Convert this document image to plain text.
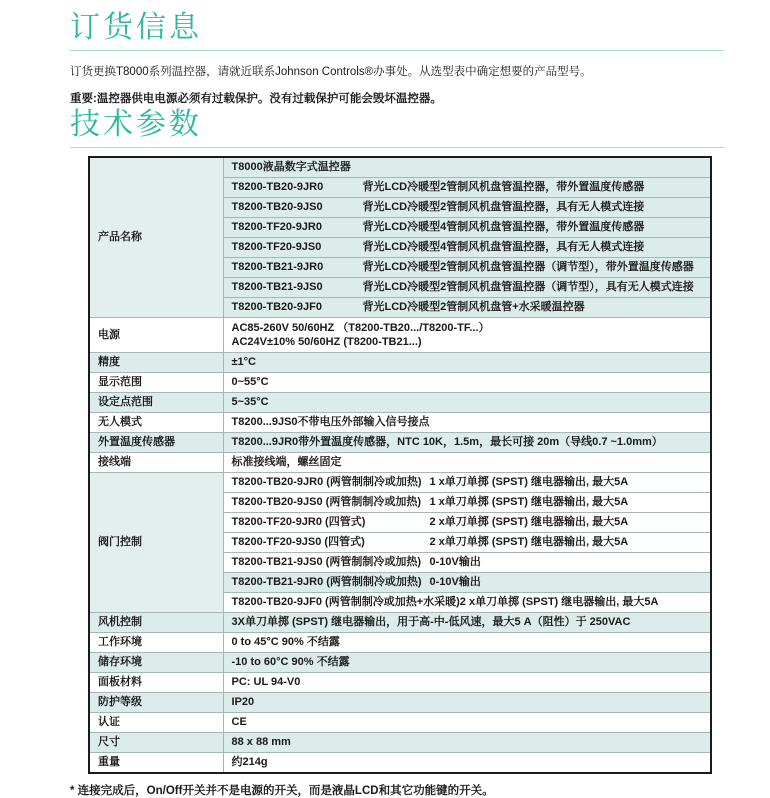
订货信息

订货更换T8000系列温控器，请就近联系Johnson Controls®办事处。从选型表中确定想要的产品型号。

重要:温控器供电电源必须有过载保护。没有过载保护可能会毁坏温控器。

技术参数
产品名称	T8000液晶数字式温控器
	T8200-TB20-9JR0 背光LCD冷暖型2管制风机盘管温控器，带外置温度传感器
	T8200-TB20-9JS0 背光LCD冷暖型2管制风机盘管温控器，具有无人模式连接
	T8200-TF20-9JR0 背光LCD冷暖型4管制风机盘管温控器，带外置温度传感器
	T8200-TF20-9JS0 背光LCD冷暖型4管制风机盘管温控器，具有无人模式连接
	T8200-TB21-9JR0 背光LCD冷暖型2管制风机盘管温控器（调节型），带外置温度传感器
	T8200-TB21-9JS0 背光LCD冷暖型2管制风机盘管温控器（调节型），具有无人模式连接
	T8200-TB20-9JF0 背光LCD冷暖型2管制风机盘管+水采暖温控器
电源	AC85-260V 50/60HZ （T8200-TB20.../T8200-TF...）
AC24V±10% 50/60HZ (T8200-TB21...)

精度	±1°C
显示范围	0~55°C
设定点范围	5~35°C
无人模式	T8200...9JS0不带电压外部输入信号接点
外置温度传感器	T8200...9JR0带外置温度传感器，NTC 10K，1.5m，最长可接 20m（导线0.7 ~1.0mm）
接线端	标准接线端，螺丝固定
阀门控制	T8200-TB20-9JR0 (两管制制冷或加热) 1 x单刀单掷 (SPST) 继电器输出, 最大5A
	T8200-TB20-9JS0 (两管制制冷或加热) 1 x单刀单掷 (SPST) 继电器输出, 最大5A
	T8200-TF20-9JR0 (四管式) 2 x单刀单掷 (SPST) 继电器输出, 最大5A
	T8200-TF20-9JS0 (四管式) 2 x单刀单掷 (SPST) 继电器输出, 最大5A
	T8200-TB21-9JS0 (两管制制冷或加热) 0-10V输出
	T8200-TB21-9JR0 (两管制制冷或加热) 0-10V输出
	T8200-TB20-9JF0 (两管制制冷或加热+水采暖)2 x单刀单掷 (SPST) 继电器输出, 最大5A
风机控制	3X单刀单掷 (SPST) 继电器输出，用于高-中-低风速，最大5 A（阻性）于 250VAC
工作环境	0 to 45°C 90% 不结露
储存环境	-10 to 60°C 90% 不结露
面板材料	PC: UL 94-V0
防护等级	IP20
认证	CE
尺寸	88 x 88 mm
重量	约214g

* 连接完成后，On/Off开关并不是电源的开关，而是液晶LCD和其它功能键的开关。
